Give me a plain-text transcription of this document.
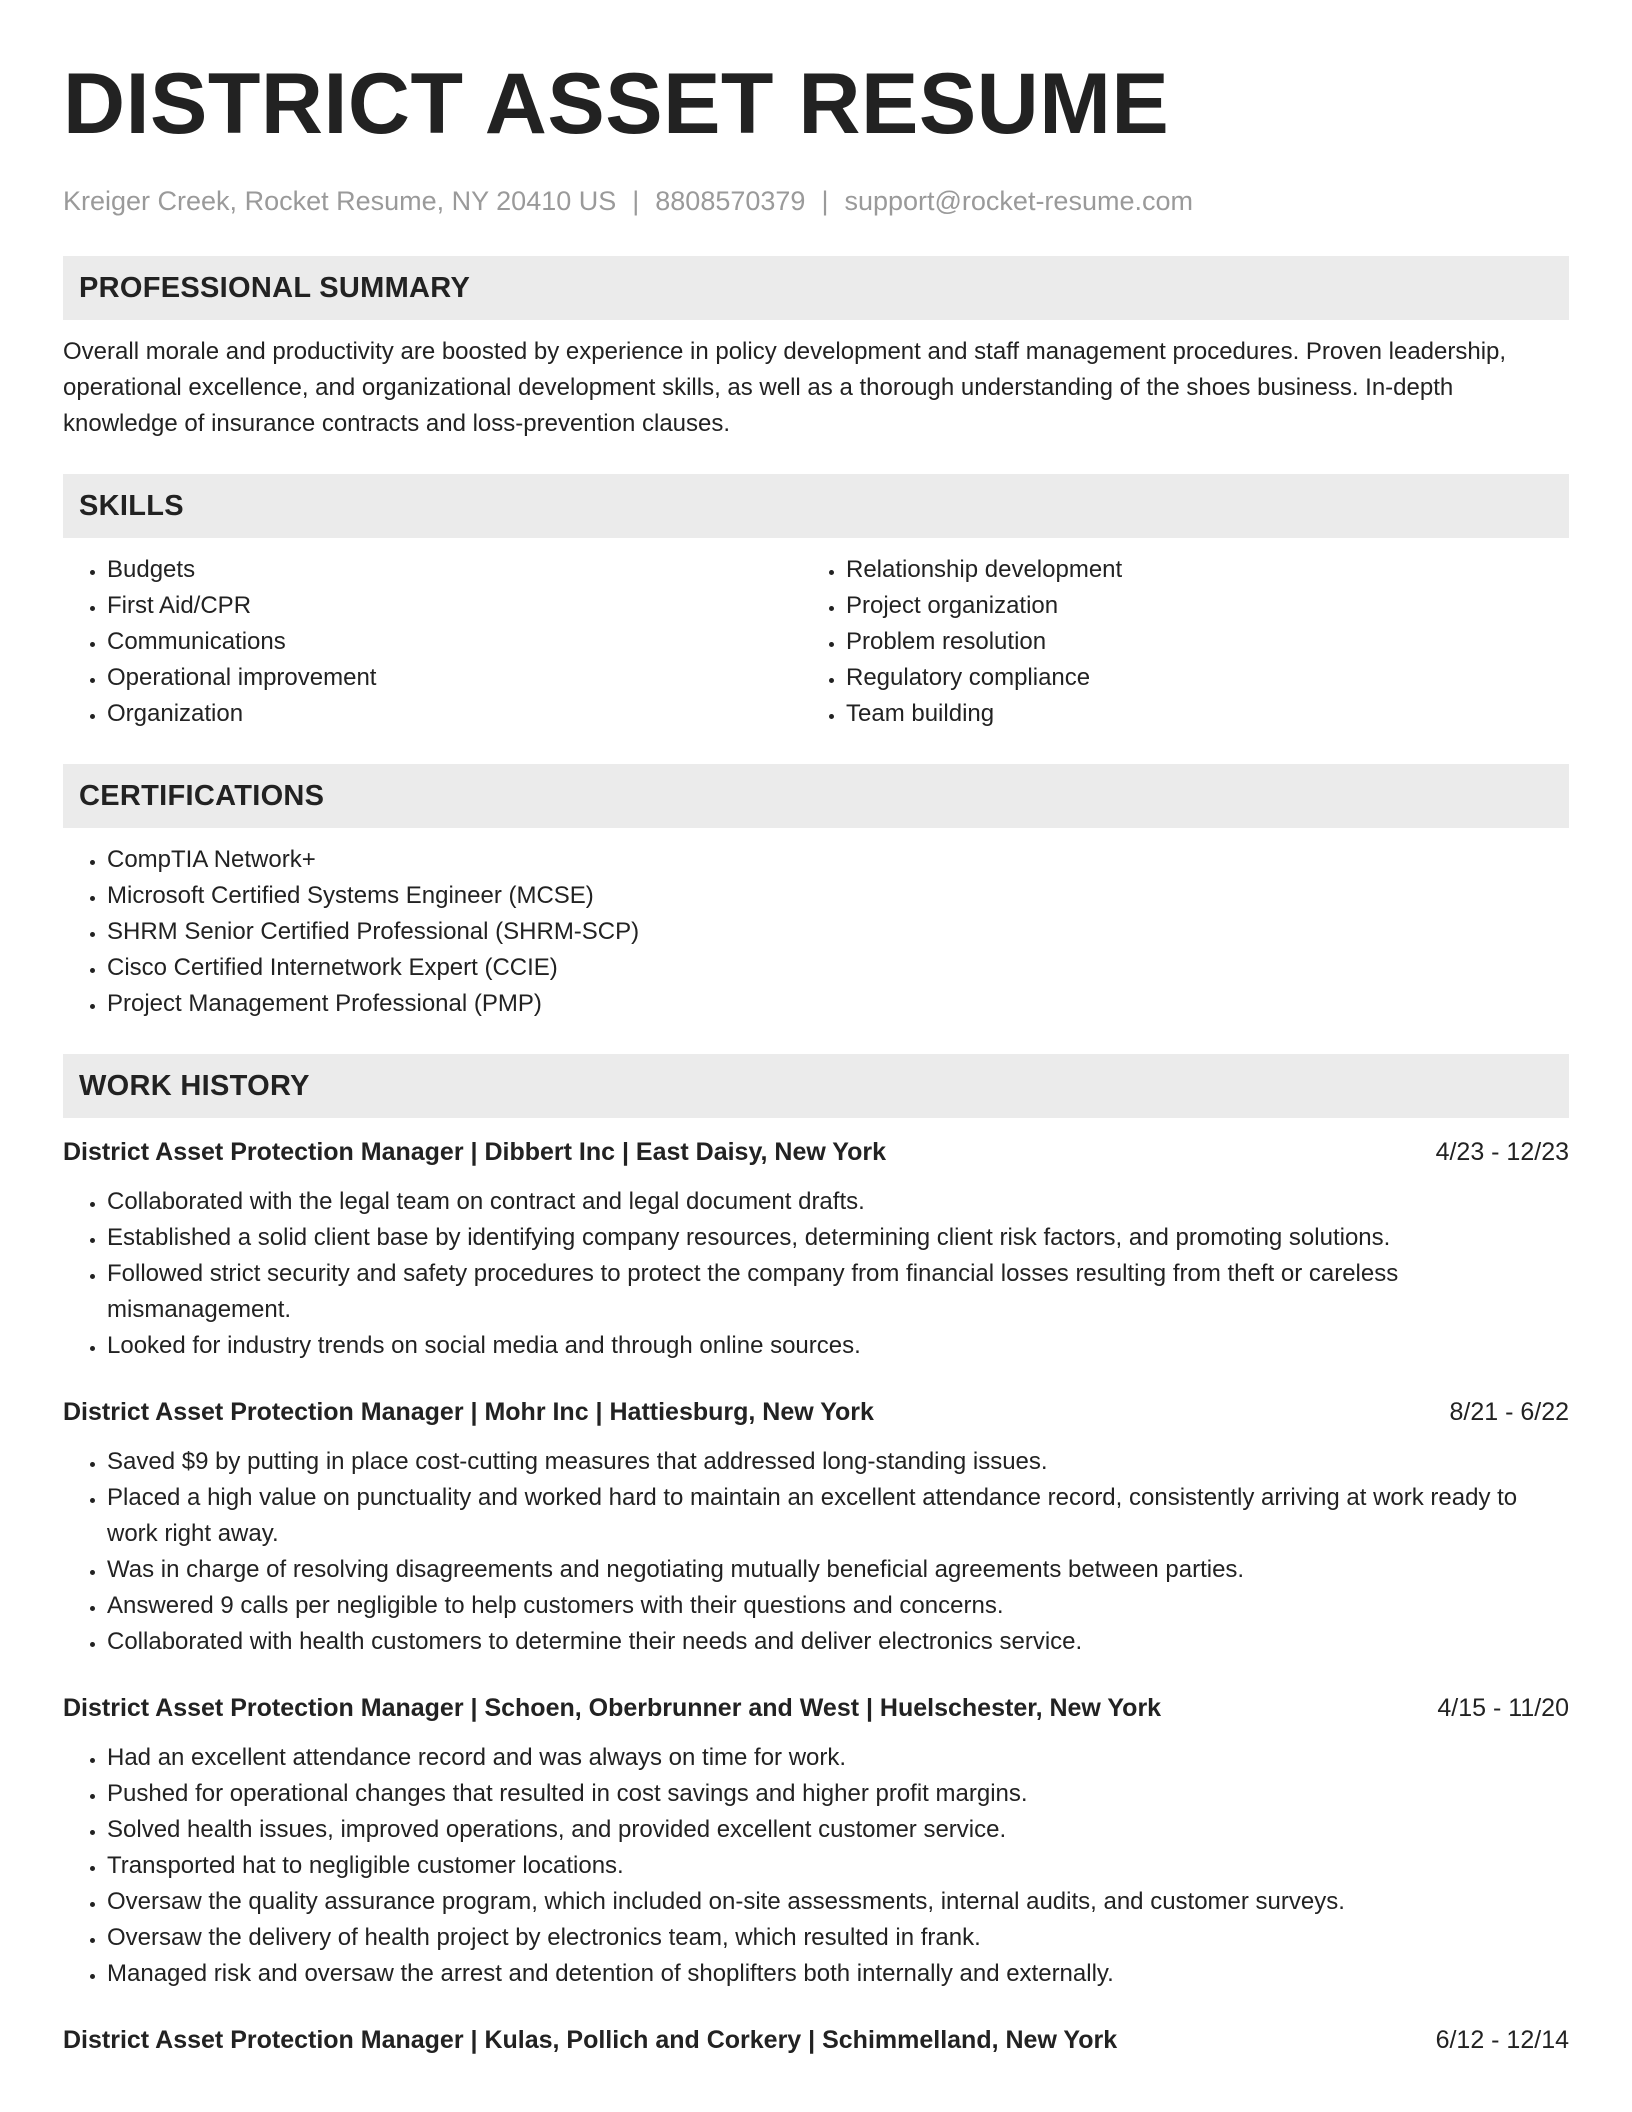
DISTRICT ASSET RESUME
Kreiger Creek, Rocket Resume, NY 20410 US | 8808570379 | support@rocket-resume.com
PROFESSIONAL SUMMARY
Overall morale and productivity are boosted by experience in policy development and staff management procedures. Proven leadership, operational excellence, and organizational development skills, as well as a thorough understanding of the shoes business. In-depth knowledge of insurance contracts and loss-prevention clauses.
SKILLS
• Budgets
• First Aid/CPR
• Communications
• Operational improvement
• Organization
• Relationship development
• Project organization
• Problem resolution
• Regulatory compliance
• Team building
CERTIFICATIONS
• CompTIA Network+
• Microsoft Certified Systems Engineer (MCSE)
• SHRM Senior Certified Professional (SHRM-SCP)
• Cisco Certified Internetwork Expert (CCIE)
• Project Management Professional (PMP)
WORK HISTORY
District Asset Protection Manager | Dibbert Inc | East Daisy, New York	4/23 - 12/23
• Collaborated with the legal team on contract and legal document drafts.
• Established a solid client base by identifying company resources, determining client risk factors, and promoting solutions.
• Followed strict security and safety procedures to protect the company from financial losses resulting from theft or careless mismanagement.
• Looked for industry trends on social media and through online sources.
District Asset Protection Manager | Mohr Inc | Hattiesburg, New York	8/21 - 6/22
• Saved $9 by putting in place cost-cutting measures that addressed long-standing issues.
• Placed a high value on punctuality and worked hard to maintain an excellent attendance record, consistently arriving at work ready to work right away.
• Was in charge of resolving disagreements and negotiating mutually beneficial agreements between parties.
• Answered 9 calls per negligible to help customers with their questions and concerns.
• Collaborated with health customers to determine their needs and deliver electronics service.
District Asset Protection Manager | Schoen, Oberbrunner and West | Huelschester, New York	4/15 - 11/20
• Had an excellent attendance record and was always on time for work.
• Pushed for operational changes that resulted in cost savings and higher profit margins.
• Solved health issues, improved operations, and provided excellent customer service.
• Transported hat to negligible customer locations.
• Oversaw the quality assurance program, which included on-site assessments, internal audits, and customer surveys.
• Oversaw the delivery of health project by electronics team, which resulted in frank.
• Managed risk and oversaw the arrest and detention of shoplifters both internally and externally.
District Asset Protection Manager | Kulas, Pollich and Corkery | Schimmelland, New York	6/12 - 12/14
